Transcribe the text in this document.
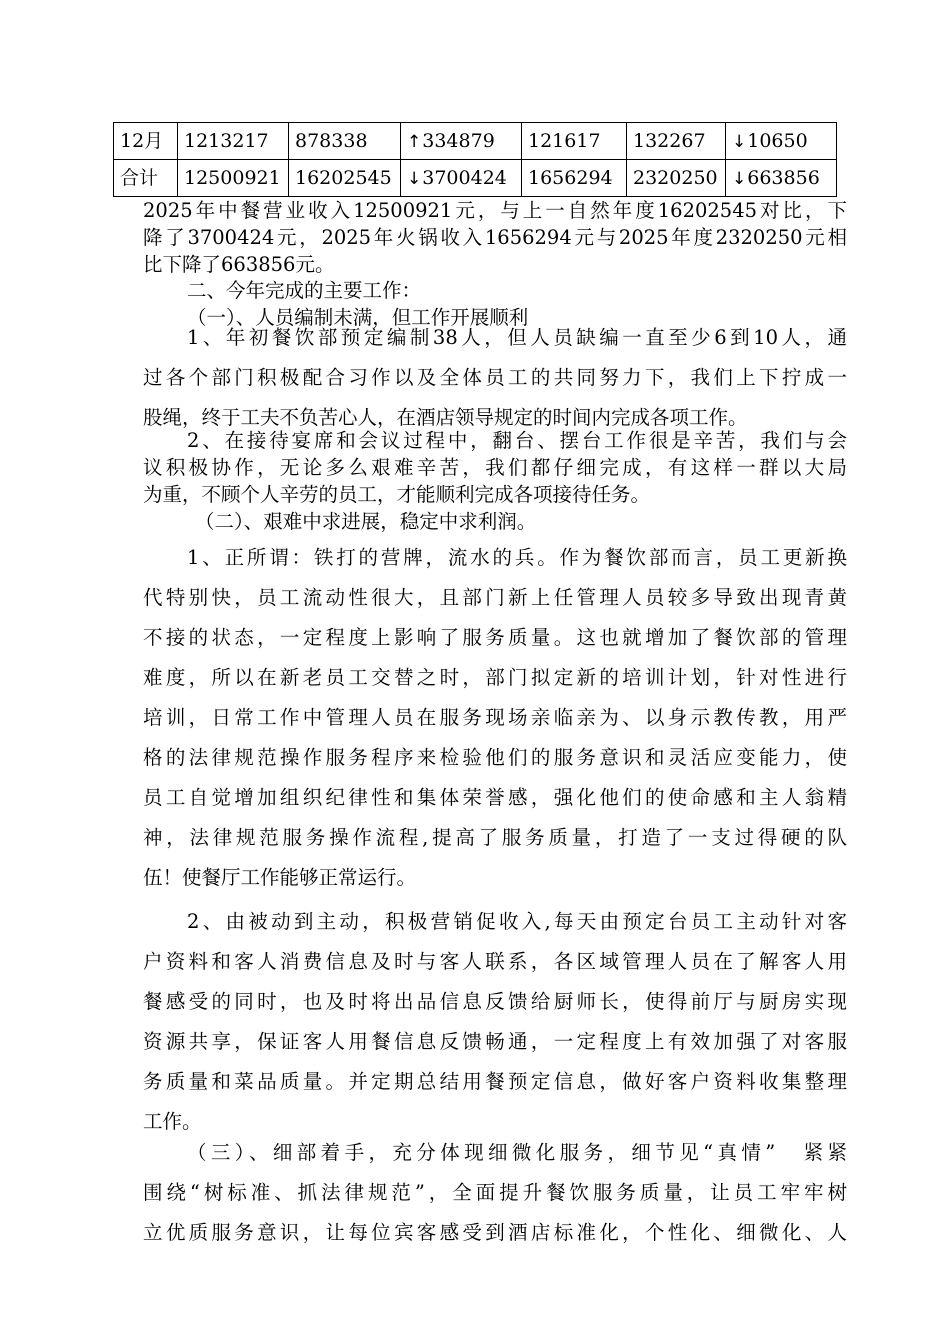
12月	1213217	878338	↑334879	121617	132267	↓10650
合计	12500921	16202545	↓3700424	1656294	2320250	↓663856
2025年中餐营业收入12500921元，与上一自然年度16202545对比，下
降了3700424元，2025年火锅收入1656294元与2025年度2320250元相
比下降了663856元。
二、今年完成的主要工作：
（一）、人员编制未满，但工作开展顺利
1、年初餐饮部预定编制38人，但人员缺编一直至少6到10人，通
过各个部门积极配合习作以及全体员工的共同努力下，我们上下拧成一
股绳，终于工夫不负苦心人，在酒店领导规定的时间内完成各项工作。
2、在接待宴席和会议过程中，翻台、摆台工作很是辛苦，我们与会
议积极协作，无论多么艰难辛苦，我们都仔细完成，有这样一群以大局
为重，不顾个人辛劳的员工，才能顺利完成各项接待任务。
（二）、艰难中求进展，稳定中求利润。
1、正所谓：铁打的营牌，流水的兵。作为餐饮部而言，员工更新换
代特别快，员工流动性很大，且部门新上任管理人员较多导致出现青黄
不接的状态，一定程度上影响了服务质量。这也就增加了餐饮部的管理
难度，所以在新老员工交替之时，部门拟定新的培训计划，针对性进行
培训，日常工作中管理人员在服务现场亲临亲为、以身示教传教，用严
格的法律规范操作服务程序来检验他们的服务意识和灵活应变能力，使
员工自觉增加组织纪律性和集体荣誉感，强化他们的使命感和主人翁精
神，法律规范服务操作流程,提高了服务质量，打造了一支过得硬的队
伍！使餐厅工作能够正常运行。
2、由被动到主动，积极营销促收入,每天由预定台员工主动针对客
户资料和客人消费信息及时与客人联系，各区域管理人员在了解客人用
餐感受的同时，也及时将出品信息反馈给厨师长，使得前厅与厨房实现
资源共享，保证客人用餐信息反馈畅通，一定程度上有效加强了对客服
务质量和菜品质量。并定期总结用餐预定信息，做好客户资料收集整理
工作。
（三）、细部着手，充分体现细微化服务，细节见“真情”　紧紧
围绕“树标准、抓法律规范”，全面提升餐饮服务质量，让员工牢牢树
立优质服务意识，让每位宾客感受到酒店标准化，个性化、细微化、人
